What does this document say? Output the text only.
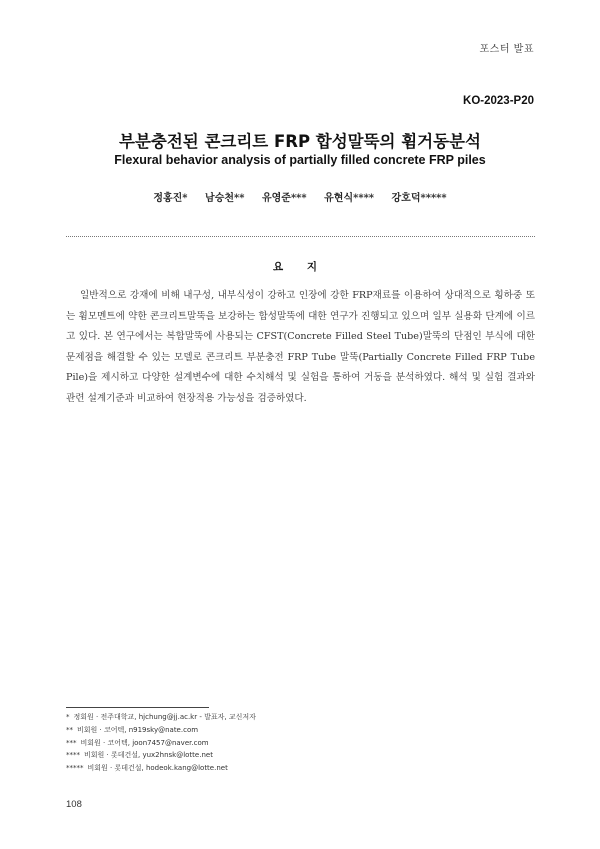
포스터 발표
KO-2023-P20
부분충전된 콘크리트 FRP 합성말뚝의 휨거동분석
Flexural behavior analysis of partially filled concrete FRP piles
정홍진* 남승천** 유영준*** 유현식**** 강호덕*****
요 지

일반적으로 강재에 비해 내구성, 내부식성이 강하고 인장에 강한 FRP재료를 이용하여 상대적으로 횡하중 또는 휨모멘트에 약한 콘크리트말뚝을 보강하는 합성말뚝에 대한 연구가 진행되고 있으며 일부 실용화 단계에 이르고 있다. 본 연구에서는 복합말뚝에 사용되는 CFST(Concrete Filled Steel Tube)말뚝의 단점인 부식에 대한 문제점을 해결할 수 있는 모델로 콘크리트 부분충전 FRP Tube 말뚝(Partially Concrete Filled FRP Tube Pile)을 제시하고 다양한 설계변수에 대한 수치해석 및 실험을 통하여 거동을 분석하였다. 해석 및 실험 결과와 관련 설계기준과 비교하여 현장적용 가능성을 검증하였다.

* 정회원 · 전주대학교, hjchung@jj.ac.kr - 발표자, 교신저자
** 비회원 · 코어텍, n919sky@nate.com
*** 비회원 · 코어텍, joon7457@naver.com
**** 비회원 · 롯데건설, yux2hnsk@lotte.net
***** 비회원 · 롯데건설, hodeok.kang@lotte.net
108
